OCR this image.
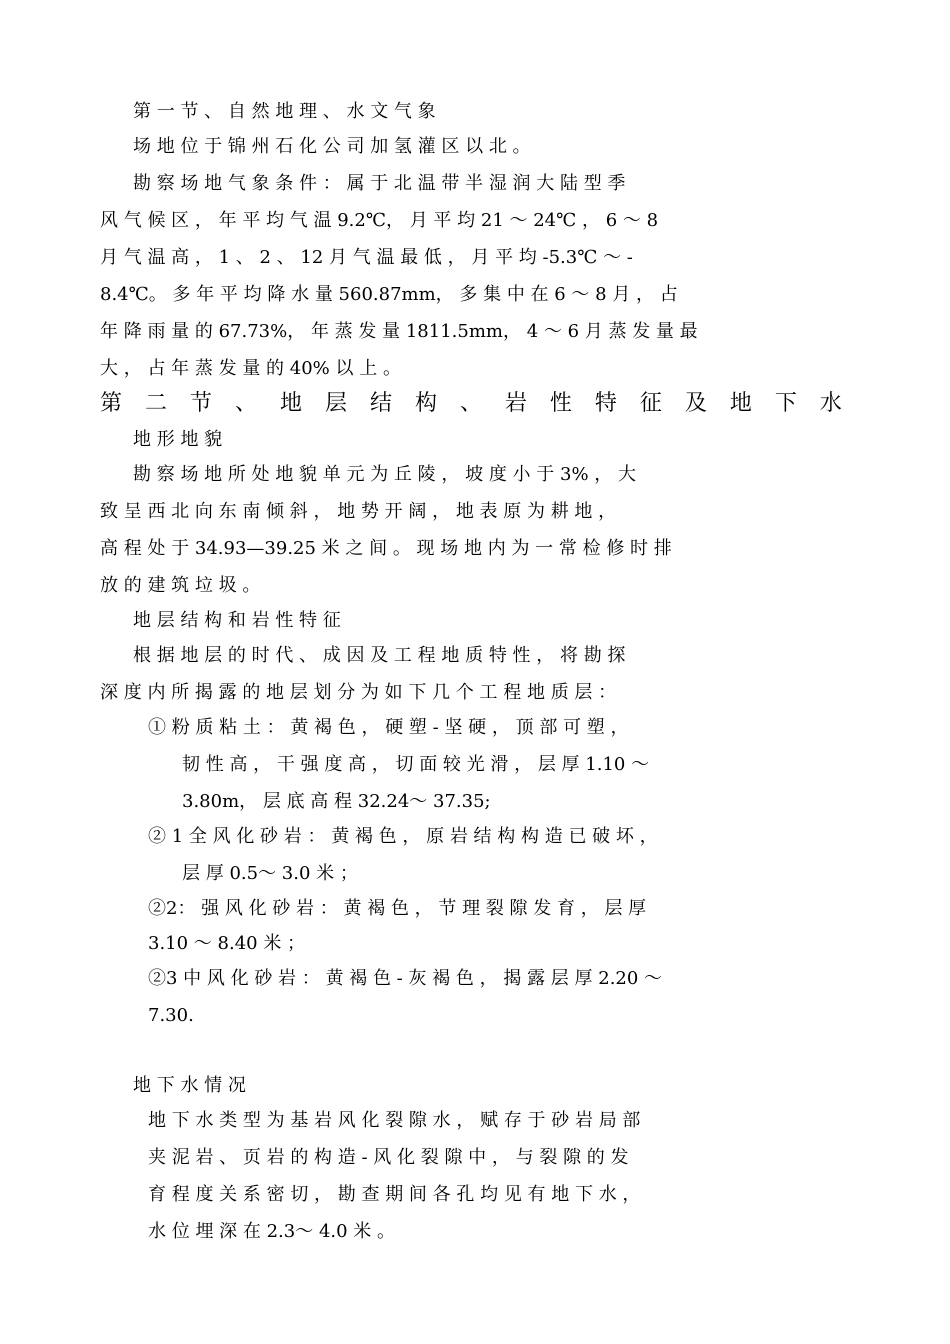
第 一 节 、 自 然 地 理 、 水 文 气 象
场 地 位 于 锦 州 石 化 公 司 加 氢 灌 区 以 北 。
勘 察 场 地 气 象 条 件 ： 属 于 北 温 带 半 湿 润 大 陆 型 季
风 气 候 区 ， 年 平 均 气 温 9.2℃， 月 平 均 21 ～ 24℃ ， 6 ～ 8
月 气 温 高 ， 1 、 2 、 12 月 气 温 最 低 ， 月 平 均 -5.3℃ ～ -
8.4℃。 多 年 平 均 降 水 量 560.87mm， 多 集 中 在 6 ～ 8 月 ， 占
年 降 雨 量 的 67.73%， 年 蒸 发 量 1811.5mm， 4 ～ 6 月 蒸 发 量 最
大 ， 占 年 蒸 发 量 的 40% 以 上 。
第 二 节 、 地 层 结 构 、 岩 性 特 征 及 地 下 水
地 形 地 貌
勘 察 场 地 所 处 地 貌 单 元 为 丘 陵 ， 坡 度 小 于 3% ， 大
致 呈 西 北 向 东 南 倾 斜 ， 地 势 开 阔 ， 地 表 原 为 耕 地 ，
高 程 处 于 34.93—39.25 米 之 间 。 现 场 地 内 为 一 常 检 修 时 排
放 的 建 筑 垃 圾 。
地 层 结 构 和 岩 性 特 征
根 据 地 层 的 时 代 、 成 因 及 工 程 地 质 特 性 ， 将 勘 探
深 度 内 所 揭 露 的 地 层 划 分 为 如 下 几 个 工 程 地 质 层 ：
① 粉 质 粘 土 ： 黄 褐 色 ， 硬 塑 - 坚 硬 ， 顶 部 可 塑 ，
韧 性 高 ， 干 强 度 高 ， 切 面 较 光 滑 ， 层 厚 1.10 ～
3.80m， 层 底 高 程 32.24～ 37.35;
② 1 全 风 化 砂 岩 ： 黄 褐 色 ， 原 岩 结 构 构 造 已 破 坏 ，
层 厚 0.5～ 3.0 米 ；
②2： 强 风 化 砂 岩 ： 黄 褐 色 ， 节 理 裂 隙 发 育 ， 层 厚
3.10 ～ 8.40 米 ；
②3 中 风 化 砂 岩 ： 黄 褐 色 - 灰 褐 色 ， 揭 露 层 厚 2.20 ～
7.30.
地 下 水 情 况
地 下 水 类 型 为 基 岩 风 化 裂 隙 水 ， 赋 存 于 砂 岩 局 部
夹 泥 岩 、 页 岩 的 构 造 - 风 化 裂 隙 中 ， 与 裂 隙 的 发
育 程 度 关 系 密 切 ， 勘 查 期 间 各 孔 均 见 有 地 下 水 ，
水 位 埋 深 在 2.3～ 4.0 米 。
